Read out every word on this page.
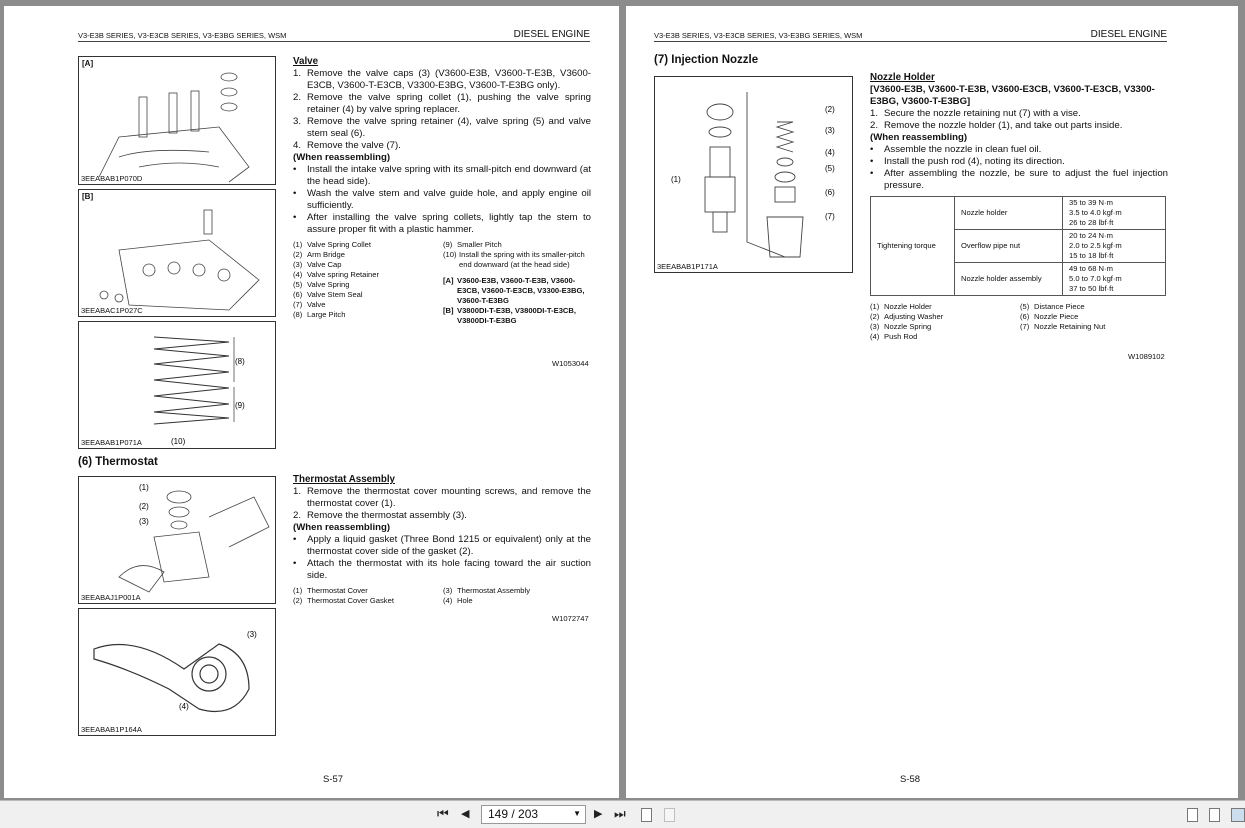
V3-E3B SERIES, V3-E3CB SERIES, V3-E3BG SERIES, WSM	DIESEL ENGINE
[A]
3EEABAB1P070D
[B]
3EEABAC1P027C
(8)
(9)
(10)
3EEABAB1P071A
Valve
1. Remove the valve caps (3) (V3600-E3B, V3600-T-E3B, V3600-E3CB, V3600-T-E3CB, V3300-E3BG, V3600-T-E3BG only).
2. Remove the valve spring collet (1), pushing the valve spring retainer (4) by valve spring replacer.
3. Remove the valve spring retainer (4), valve spring (5) and valve stem seal (6).
4. Remove the valve (7).
(When reassembling)
•	Install the intake valve spring with its small-pitch end downward (at the head side).
•	Wash the valve stem and valve guide hole, and apply engine oil sufficiently.
•	After installing the valve spring collets, lightly tap the stem to assure proper fit with a plastic hammer.
(1) Valve Spring Collet
(2) Arm Bridge
(3) Valve Cap
(4) Valve spring Retainer
(5) Valve Spring
(6) Valve Stem Seal
(7) Valve
(8) Large Pitch
(9) Smaller Pitch
(10) Install the spring with its smaller-pitch end downward (at the head side)
[A] V3600-E3B, V3600-T-E3B, V3600-E3CB, V3600-T-E3CB, V3300-E3BG, V3600-T-E3BG
[B] V3800DI-T-E3B, V3800DI-T-E3CB, V3800DI-T-E3BG
W1053044
(6) Thermostat
(1)
(2)
(3)
3EEABAJ1P001A
(3)
(4)
3EEABAB1P164A
Thermostat Assembly
1. Remove the thermostat cover mounting screws, and remove the thermostat cover (1).
2. Remove the thermostat assembly (3).
(When reassembling)
•	Apply a liquid gasket (Three Bond 1215 or equivalent) only at the thermostat cover side of the gasket (2).
•	Attach the thermostat with its hole facing toward the air suction side.
(1) Thermostat Cover	(3) Thermostat Assembly
(2) Thermostat Cover Gasket	(4) Hole
W1072747
S-57
V3-E3B SERIES, V3-E3CB SERIES, V3-E3BG SERIES, WSM	DIESEL ENGINE
(7) Injection Nozzle
(2)
(3)
(4)
(5)
(6)
(7)
(1)
3EEABAB1P171A
Nozzle Holder
[V3600-E3B, V3600-T-E3B, V3600-E3CB, V3600-T-E3CB, V3300-E3BG, V3600-T-E3BG]
1. Secure the nozzle retaining nut (7) with a vise.
2. Remove the nozzle holder (1), and take out parts inside.
(When reassembling)
•	Assemble the nozzle in clean fuel oil.
•	Install the push rod (4), noting its direction.
•	After assembling the nozzle, be sure to adjust the fuel injection pressure.
Tightening torque	Nozzle holder	35 to 39 N·m
3.5 to 4.0 kgf·m
26 to 28 lbf·ft
	Overflow pipe nut	20 to 24 N·m
2.0 to 2.5 kgf·m
15 to 18 lbf·ft
	Nozzle holder assembly	49 to 68 N·m
5.0 to 7.0 kgf·m
37 to 50 lbf·ft
(1) Nozzle Holder	(5) Distance Piece
(2) Adjusting Washer	(6) Nozzle Piece
(3) Nozzle Spring	(7) Nozzle Retaining Nut
(4) Push Rod
W1089102
S-58
⏮ ◀	149 / 203	▼ ▶ ⏭
